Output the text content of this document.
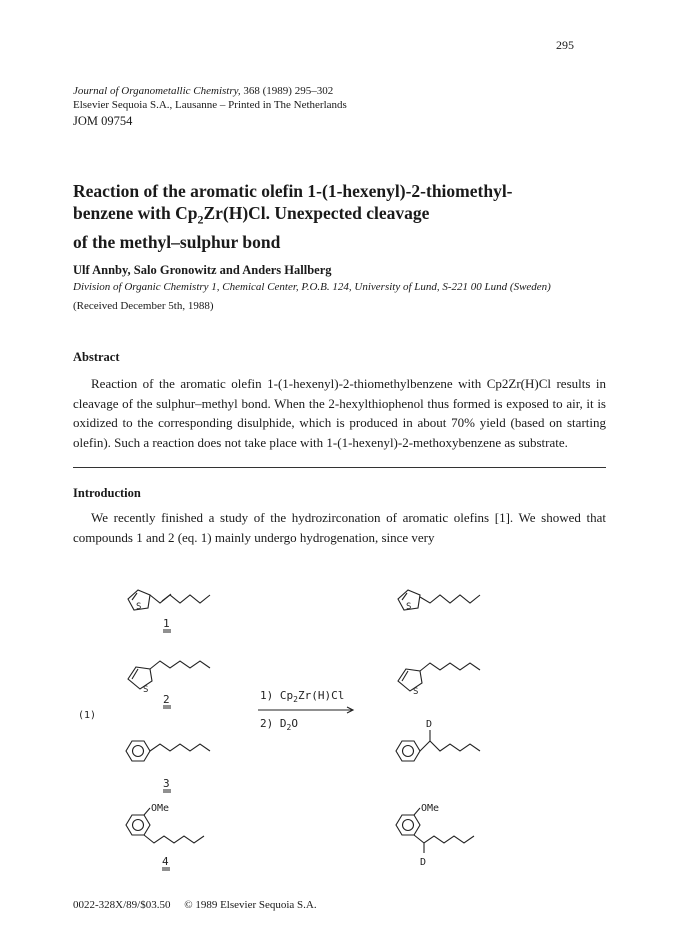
295
Journal of Organometallic Chemistry, 368 (1989) 295–302
Elsevier Sequoia S.A., Lausanne – Printed in The Netherlands
JOM 09754
Reaction of the aromatic olefin 1-(1-hexenyl)-2-thiomethyl-
benzene with $Cp_2Zr(H)Cl$. Unexpected cleavage
of the methyl–sulphur bond
Ulf Annby, Salo Gronowitz and Anders Hallberg
Division of Organic Chemistry 1, Chemical Center, P.O.B. 124, University of Lund, S-221 00 Lund (Sweden)
(Received December 5th, 1988)
Abstract
Reaction of the aromatic olefin 1-(1-hexenyl)-2-thiomethylbenzene with Cp2Zr(H)Cl results in cleavage of the sulphur–methyl bond. When the 2-hexylthiophenol thus formed is exposed to air, it is oxidized to the corresponding disulphide, which is produced in about 70% yield (based on starting olefin). Such a reaction does not take place with 1-(1-hexenyl)-2-methoxybenzene as substrate.
Introduction
We recently finished a study of the hydrozirconation of aromatic olefins [1]. We showed that compounds 1 and 2 (eq. 1) mainly undergo hydrogenation, since very
S
1
S
S
2
S
(1)
1) $Cp_2Zr(H)Cl$
2) $D_2O$
3
D
OMe
4
OMe
D
0022-328X/89/$03.50     © 1989 Elsevier Sequoia S.A.
